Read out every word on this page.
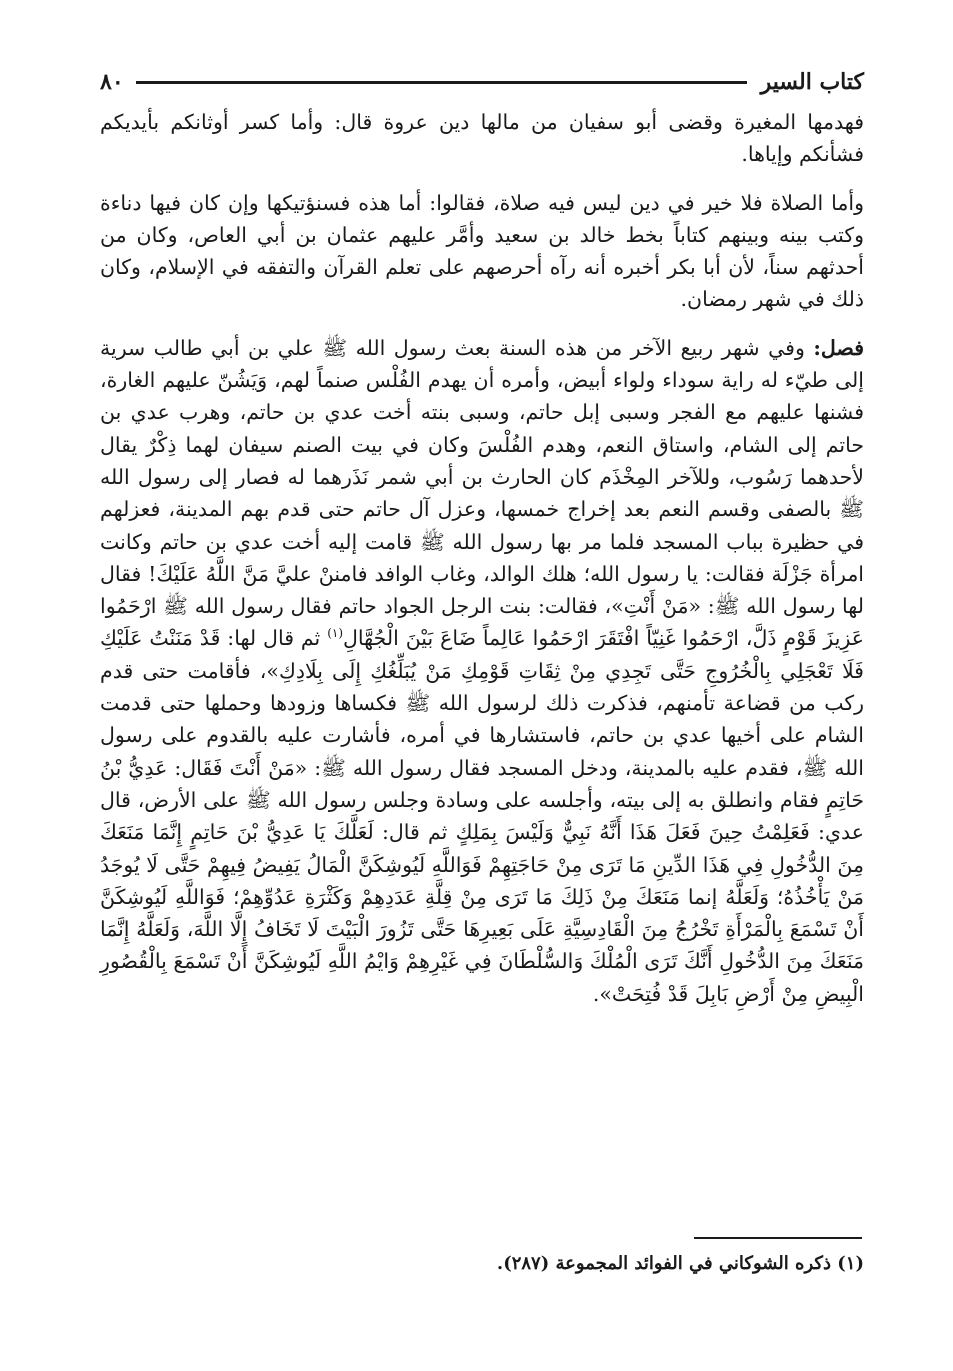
كتاب السير
٨٠

فهدمها المغيرة وقضى أبو سفيان من مالها دين عروة قال: وأما كسر أوثانكم بأيديكم فشأنكم وإياها.

وأما الصلاة فلا خير في دين ليس فيه صلاة، فقالوا: أما هذه فسنؤتيكها وإن كان فيها دناءة وكتب بينه وبينهم كتاباً بخط خالد بن سعيد وأمَّر عليهم عثمان بن أبي العاص، وكان من أحدثهم سناً، لأن أبا بكر أخبره أنه رآه أحرصهم على تعلم القرآن والتفقه في الإسلام، وكان ذلك في شهر رمضان.

فصل: وفي شهر ربيع الآخر من هذه السنة بعث رسول الله ﷺ علي بن أبي طالب سرية إلى طيّء له راية سوداء ولواء أبيض، وأمره أن يهدم الفُلْس صنماً لهم، وَيَشُنّ عليهم الغارة، فشنها عليهم مع الفجر وسبى إبل حاتم، وسبى بنته أخت عدي بن حاتم، وهرب عدي بن حاتم إلى الشام، واستاق النعم، وهدم الفُلْسَ وكان في بيت الصنم سيفان لهما ذِكْرٌ يقال لأحدهما رَسُوب، وللآخر المِخْذَم كان الحارث بن أبي شمر نَذَرهما له فصار إلى رسول الله ﷺ بالصفى وقسم النعم بعد إخراج خمسها، وعزل آل حاتم حتى قدم بهم المدينة، فعزلهم في حظيرة بباب المسجد فلما مر بها رسول الله ﷺ قامت إليه أخت عدي بن حاتم وكانت امرأة جَزْلَة فقالت: يا رسول الله؛ هلك الوالد، وغاب الوافد فامننْ عليَّ مَنَّ اللَّهُ عَلَيْكَ! فقال لها رسول الله ﷺ: «مَنْ أَنْتِ»، فقالت: بنت الرجل الجواد حاتم فقال رسول الله ﷺ ارْحَمُوا عَزِيزَ قَوْمٍ ذَلَّ، ارْحَمُوا غَنِيّاً افْتَقَرَ ارْحَمُوا عَالِماً ضَاعَ بَيْنَ الْجُهَّالِ$^{(١)}$ ثم قال لها: قَدْ مَنَنْتُ عَلَيْكِ فَلَا تَعْجَلِي بِالْخُرُوجِ حَتَّى تَجِدِي مِنْ ثِقَاتِ قَوْمِكِ مَنْ يُبَلِّغُكِ إِلَى بِلَادِكِ»، فأقامت حتى قدم ركب من قضاعة تأمنهم، فذكرت ذلك لرسول الله ﷺ فكساها وزودها وحملها حتى قدمت الشام على أخيها عدي بن حاتم، فاستشارها في أمره، فأشارت عليه بالقدوم على رسول الله ﷺ، فقدم عليه بالمدينة، ودخل المسجد فقال رسول الله ﷺ: «مَنْ أَنْتَ فَقَال: عَدِيُّ بْنُ حَاتِمٍ فقام وانطلق به إلى بيته، وأجلسه على وسادة وجلس رسول الله ﷺ على الأرض، قال عدي: فَعَلِمْتُ حِينَ فَعَلَ هَذَا أَنَّهُ نَبِيٌّ وَلَيْسَ بِمَلِكٍ ثم قال: لَعَلَّكَ يَا عَدِيُّ بْنَ حَاتِمٍ إِنَّمَا مَنَعَكَ مِنَ الدُّخُولِ فِي هَذَا الدِّينِ مَا تَرَى مِنْ حَاجَتِهِمْ فَوَاللَّهِ لَيُوشِكَنَّ الْمَالُ يَفِيضُ فِيهِمْ حَتَّى لَا يُوجَدُ مَنْ يَأْخُذُهُ؛ وَلَعَلَّهُ إنما مَنَعَكَ مِنْ ذَلِكَ مَا تَرَى مِنْ قِلَّةِ عَدَدِهِمْ وَكَثْرَةِ عَدُوِّهِمْ؛ فَوَاللَّهِ لَيُوشِكَنَّ أَنْ تَسْمَعَ بِالْمَرْأَةِ تَخْرُجُ مِنَ الْقَادِسِيَّةِ عَلَى بَعِيرِهَا حَتَّى تَزُورَ الْبَيْتَ لَا تَخَافُ إِلَّا اللَّهَ، وَلَعَلَّهُ إِنَّمَا مَنَعَكَ مِنَ الدُّخُولِ أَنَّكَ تَرَى الْمُلْكَ وَالسُّلْطَانَ فِي غَيْرِهِمْ وَايْمُ اللَّهِ لَيُوشِكَنَّ أَنْ تَسْمَعَ بِالْقُصُورِ الْبِيضِ مِنْ أَرْضِ بَابِلَ قَدْ فُتِحَتْ».

(١) ذكره الشوكاني في الفوائد المجموعة (٢٨٧).
